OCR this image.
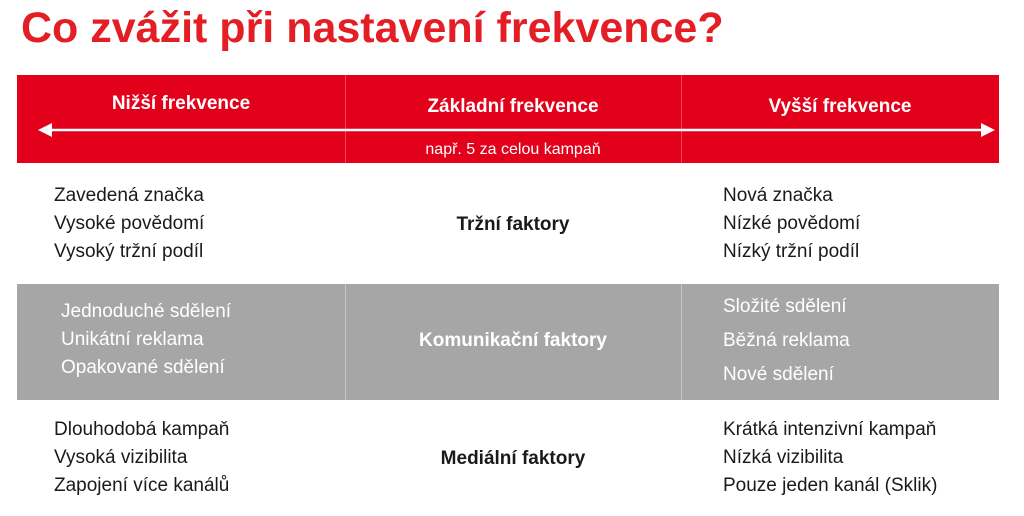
Co zvážit při nastavení frekvence?
Nižší frekvence	Základní frekvence	Vyšší frekvence
např. 5 za celou kampaň
Zavedená značka
Vysoké povědomí
Vysoký tržní podíl
Tržní faktory
Nová značka
Nízké povědomí
Nízký tržní podíl
Jednoduché sdělení
Unikátní reklama
Opakované sdělení
Komunikační faktory
Složité sdělení
Běžná reklama
Nové sdělení
Dlouhodobá kampaň
Vysoká vizibilita
Zapojení více kanálů
Mediální faktory
Krátká intenzivní kampaň
Nízká vizibilita
Pouze jeden kanál (Sklik)
